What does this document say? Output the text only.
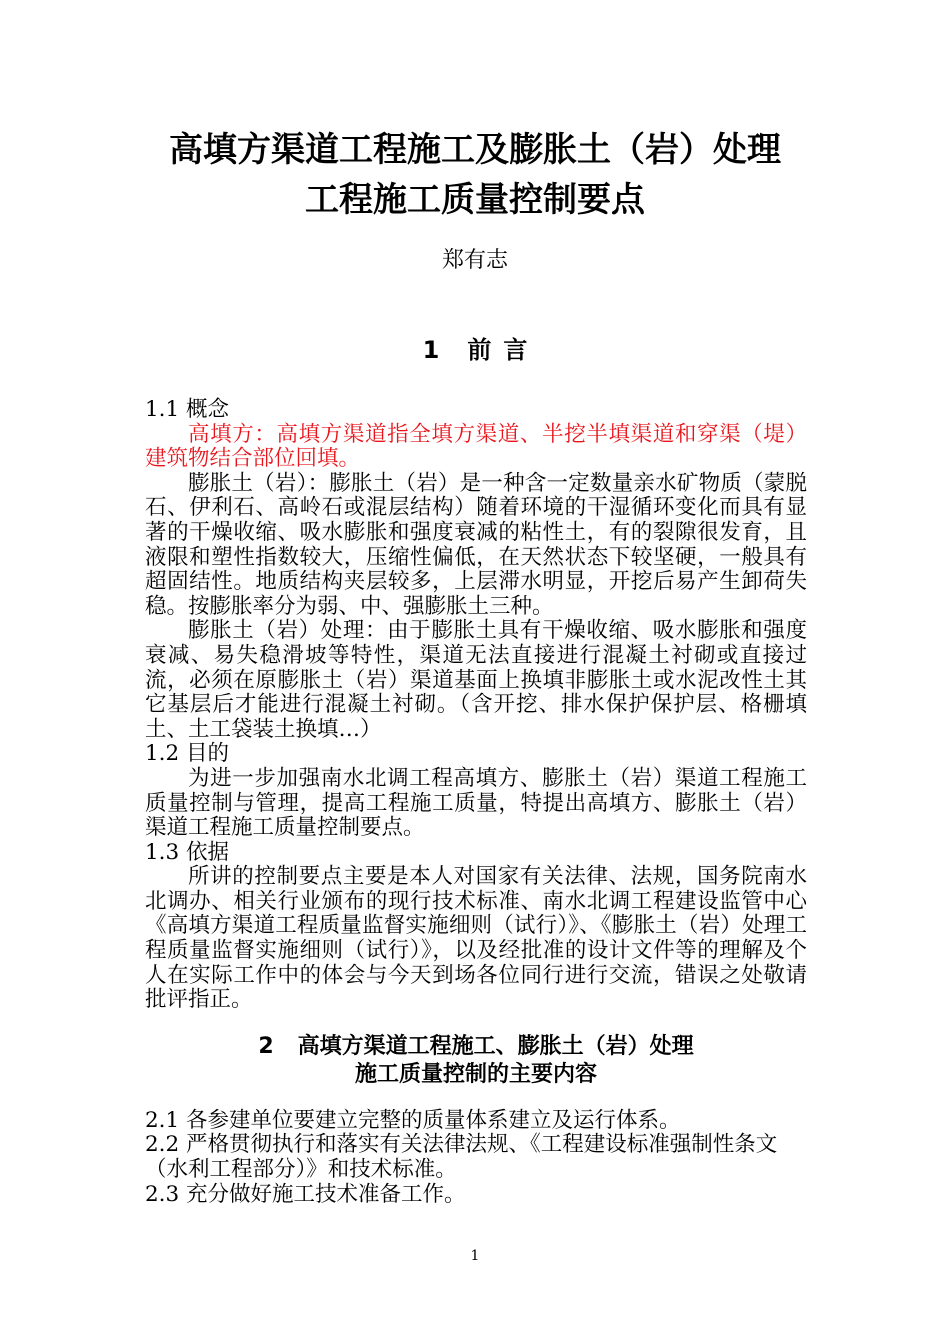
高填方渠道工程施工及膨胀土（岩）处理
工程施工质量控制要点
郑有志
1 前 言

1.1 概念

高填方：高填方渠道指全填方渠道、半挖半填渠道和穿渠（堤）建筑物结合部位回填。

膨胀土（岩）：膨胀土（岩）是一种含一定数量亲水矿物质（蒙脱石、伊利石、高岭石或混层结构）随着环境的干湿循环变化而具有显著的干燥收缩、吸水膨胀和强度衰减的粘性土，有的裂隙很发育，且液限和塑性指数较大，压缩性偏低，在天然状态下较坚硬，一般具有超固结性。地质结构夹层较多，上层滞水明显，开挖后易产生卸荷失稳。按膨胀率分为弱、中、强膨胀土三种。

膨胀土（岩）处理：由于膨胀土具有干燥收缩、吸水膨胀和强度衰减、易失稳滑坡等特性，渠道无法直接进行混凝土衬砌或直接过流，必须在原膨胀土（岩）渠道基面上换填非膨胀土或水泥改性土其它基层后才能进行混凝土衬砌。（含开挖、排水保护保护层、格栅填土、土工袋装土换填…）

1.2 目的

为进一步加强南水北调工程高填方、膨胀土（岩）渠道工程施工质量控制与管理，提高工程施工质量，特提出高填方、膨胀土（岩）渠道工程施工质量控制要点。

1.3 依据

所讲的控制要点主要是本人对国家有关法律、法规，国务院南水北调办、相关行业颁布的现行技术标准、南水北调工程建设监管中心《高填方渠道工程质量监督实施细则（试行）》、《膨胀土（岩）处理工程质量监督实施细则（试行）》，以及经批准的设计文件等的理解及个人在实际工作中的体会与今天到场各位同行进行交流，错误之处敬请批评指正。

2 高填方渠道工程施工、膨胀土（岩）处理
施工质量控制的主要内容

2.1 各参建单位要建立完整的质量体系建立及运行体系。

2.2 严格贯彻执行和落实有关法律法规、《工程建设标准强制性条文（水利工程部分）》和技术标准。

2.3 充分做好施工技术准备工作。

1
